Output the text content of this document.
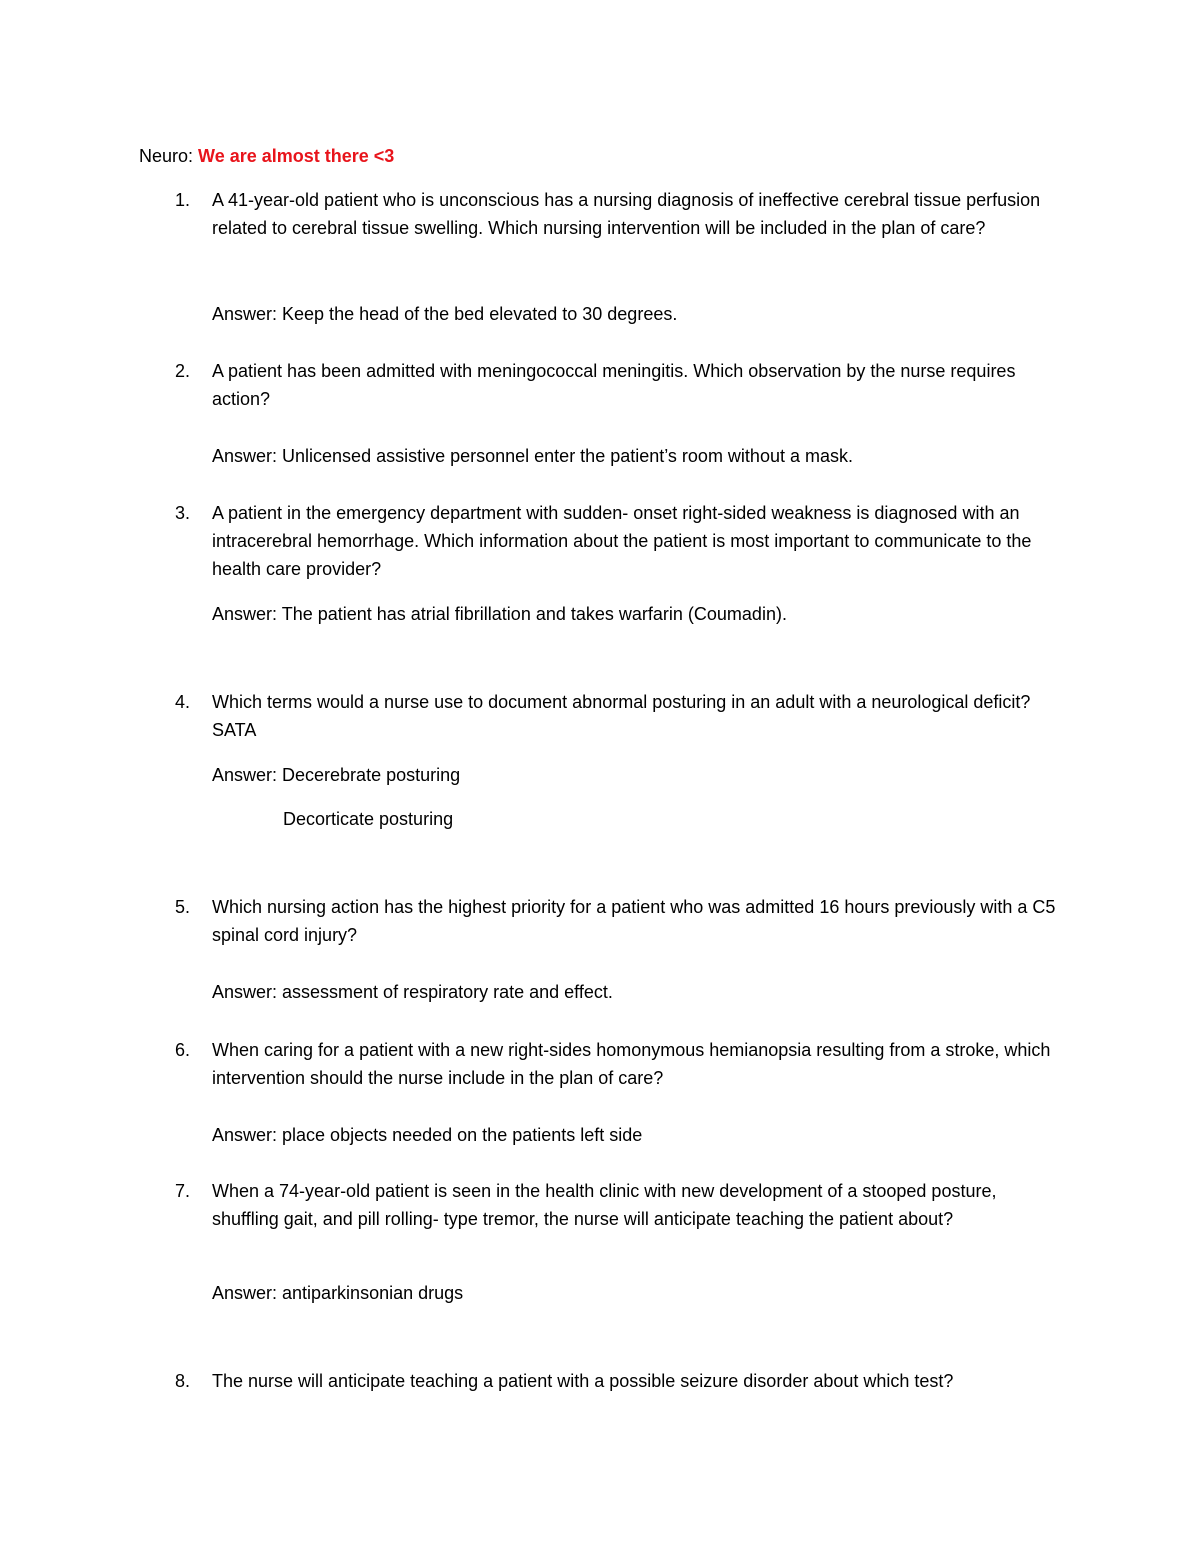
Neuro: We are almost there <3
1.	A 41-year-old patient who is unconscious has a nursing diagnosis of ineffective cerebral tissue perfusion related to cerebral tissue swelling. Which nursing intervention will be included in the plan of care?
Answer: Keep the head of the bed elevated to 30 degrees.
2.	A patient has been admitted with meningococcal meningitis. Which observation by the nurse requires action?
Answer: Unlicensed assistive personnel enter the patient’s room without a mask.
3.	A patient in the emergency department with sudden- onset right-sided weakness is diagnosed with an intracerebral hemorrhage. Which information about the patient is most important to communicate to the health care provider?
Answer: The patient has atrial fibrillation and takes warfarin (Coumadin).
4.	Which terms would a nurse use to document abnormal posturing in an adult with a neurological deficit? SATA
Answer: Decerebrate posturing
Decorticate posturing
5.	Which nursing action has the highest priority for a patient who was admitted 16 hours previously with a C5 spinal cord injury?
Answer: assessment of respiratory rate and effect.
6.	When caring for a patient with a new right-sides homonymous hemianopsia resulting from a stroke, which intervention should the nurse include in the plan of care?
Answer: place objects needed on the patients left side
7.	When a 74-year-old patient is seen in the health clinic with new development of a stooped posture, shuffling gait, and pill rolling- type tremor, the nurse will anticipate teaching the patient about?
Answer: antiparkinsonian drugs
8.	The nurse will anticipate teaching a patient with a possible seizure disorder about which test?
